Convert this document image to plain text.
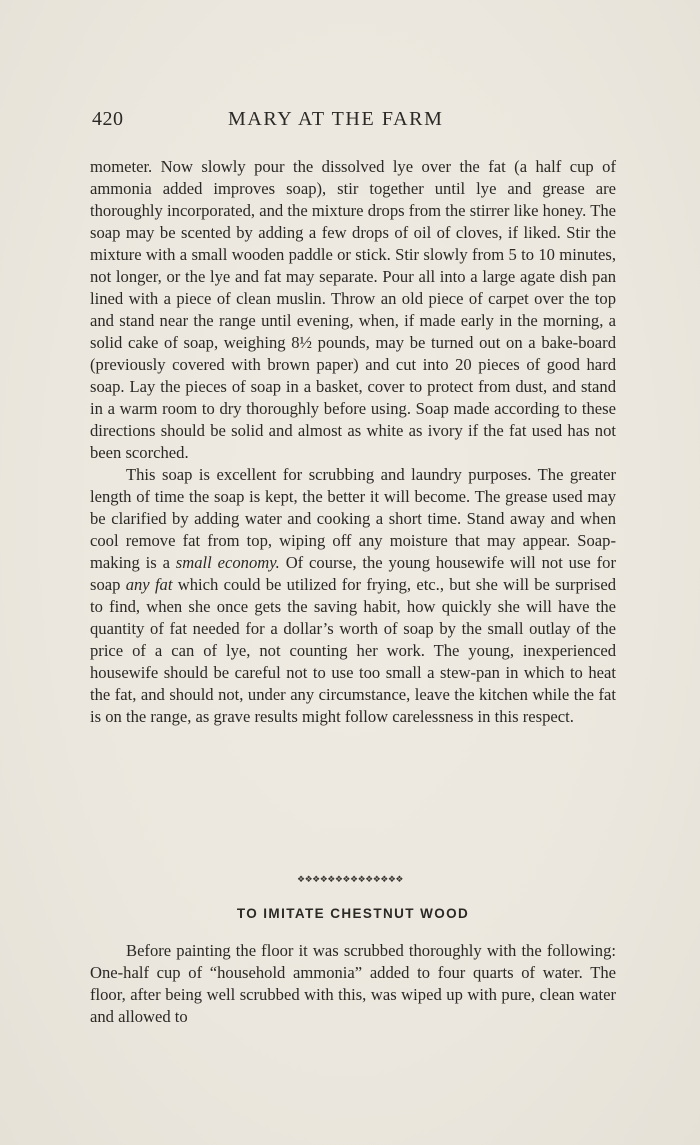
420	MARY AT THE FARM

mometer. Now slowly pour the dissolved lye over the fat (a half cup of ammonia added improves soap), stir together until lye and grease are thoroughly incorporated, and the mixture drops from the stirrer like honey. The soap may be scented by adding a few drops of oil of cloves, if liked. Stir the mixture with a small wooden paddle or stick. Stir slowly from 5 to 10 minutes, not longer, or the lye and fat may separate. Pour all into a large agate dish pan lined with a piece of clean muslin. Throw an old piece of carpet over the top and stand near the range until evening, when, if made early in the morning, a solid cake of soap, weighing 8½ pounds, may be turned out on a bake-board (previously covered with brown paper) and cut into 20 pieces of good hard soap. Lay the pieces of soap in a basket, cover to protect from dust, and stand in a warm room to dry thoroughly before using. Soap made according to these directions should be solid and almost as white as ivory if the fat used has not been scorched.

This soap is excellent for scrubbing and laundry purposes. The greater length of time the soap is kept, the better it will become. The grease used may be clarified by adding water and cooking a short time. Stand away and when cool remove fat from top, wiping off any moisture that may appear. Soap-making is a small economy. Of course, the young housewife will not use for soap any fat which could be utilized for frying, etc., but she will be surprised to find, when she once gets the saving habit, how quickly she will have the quantity of fat needed for a dollar’s worth of soap by the small outlay of the price of a can of lye, not counting her work. The young, inexperienced housewife should be careful not to use too small a stew-pan in which to heat the fat, and should not, under any circumstance, leave the kitchen while the fat is on the range, as grave results might follow carelessness in this respect.

❖❖❖❖❖❖❖❖❖❖❖❖❖❖
TO IMITATE CHESTNUT WOOD

Before painting the floor it was scrubbed thoroughly with the following: One-half cup of “household ammonia” added to four quarts of water. The floor, after being well scrubbed with this, was wiped up with pure, clean water and allowed to
